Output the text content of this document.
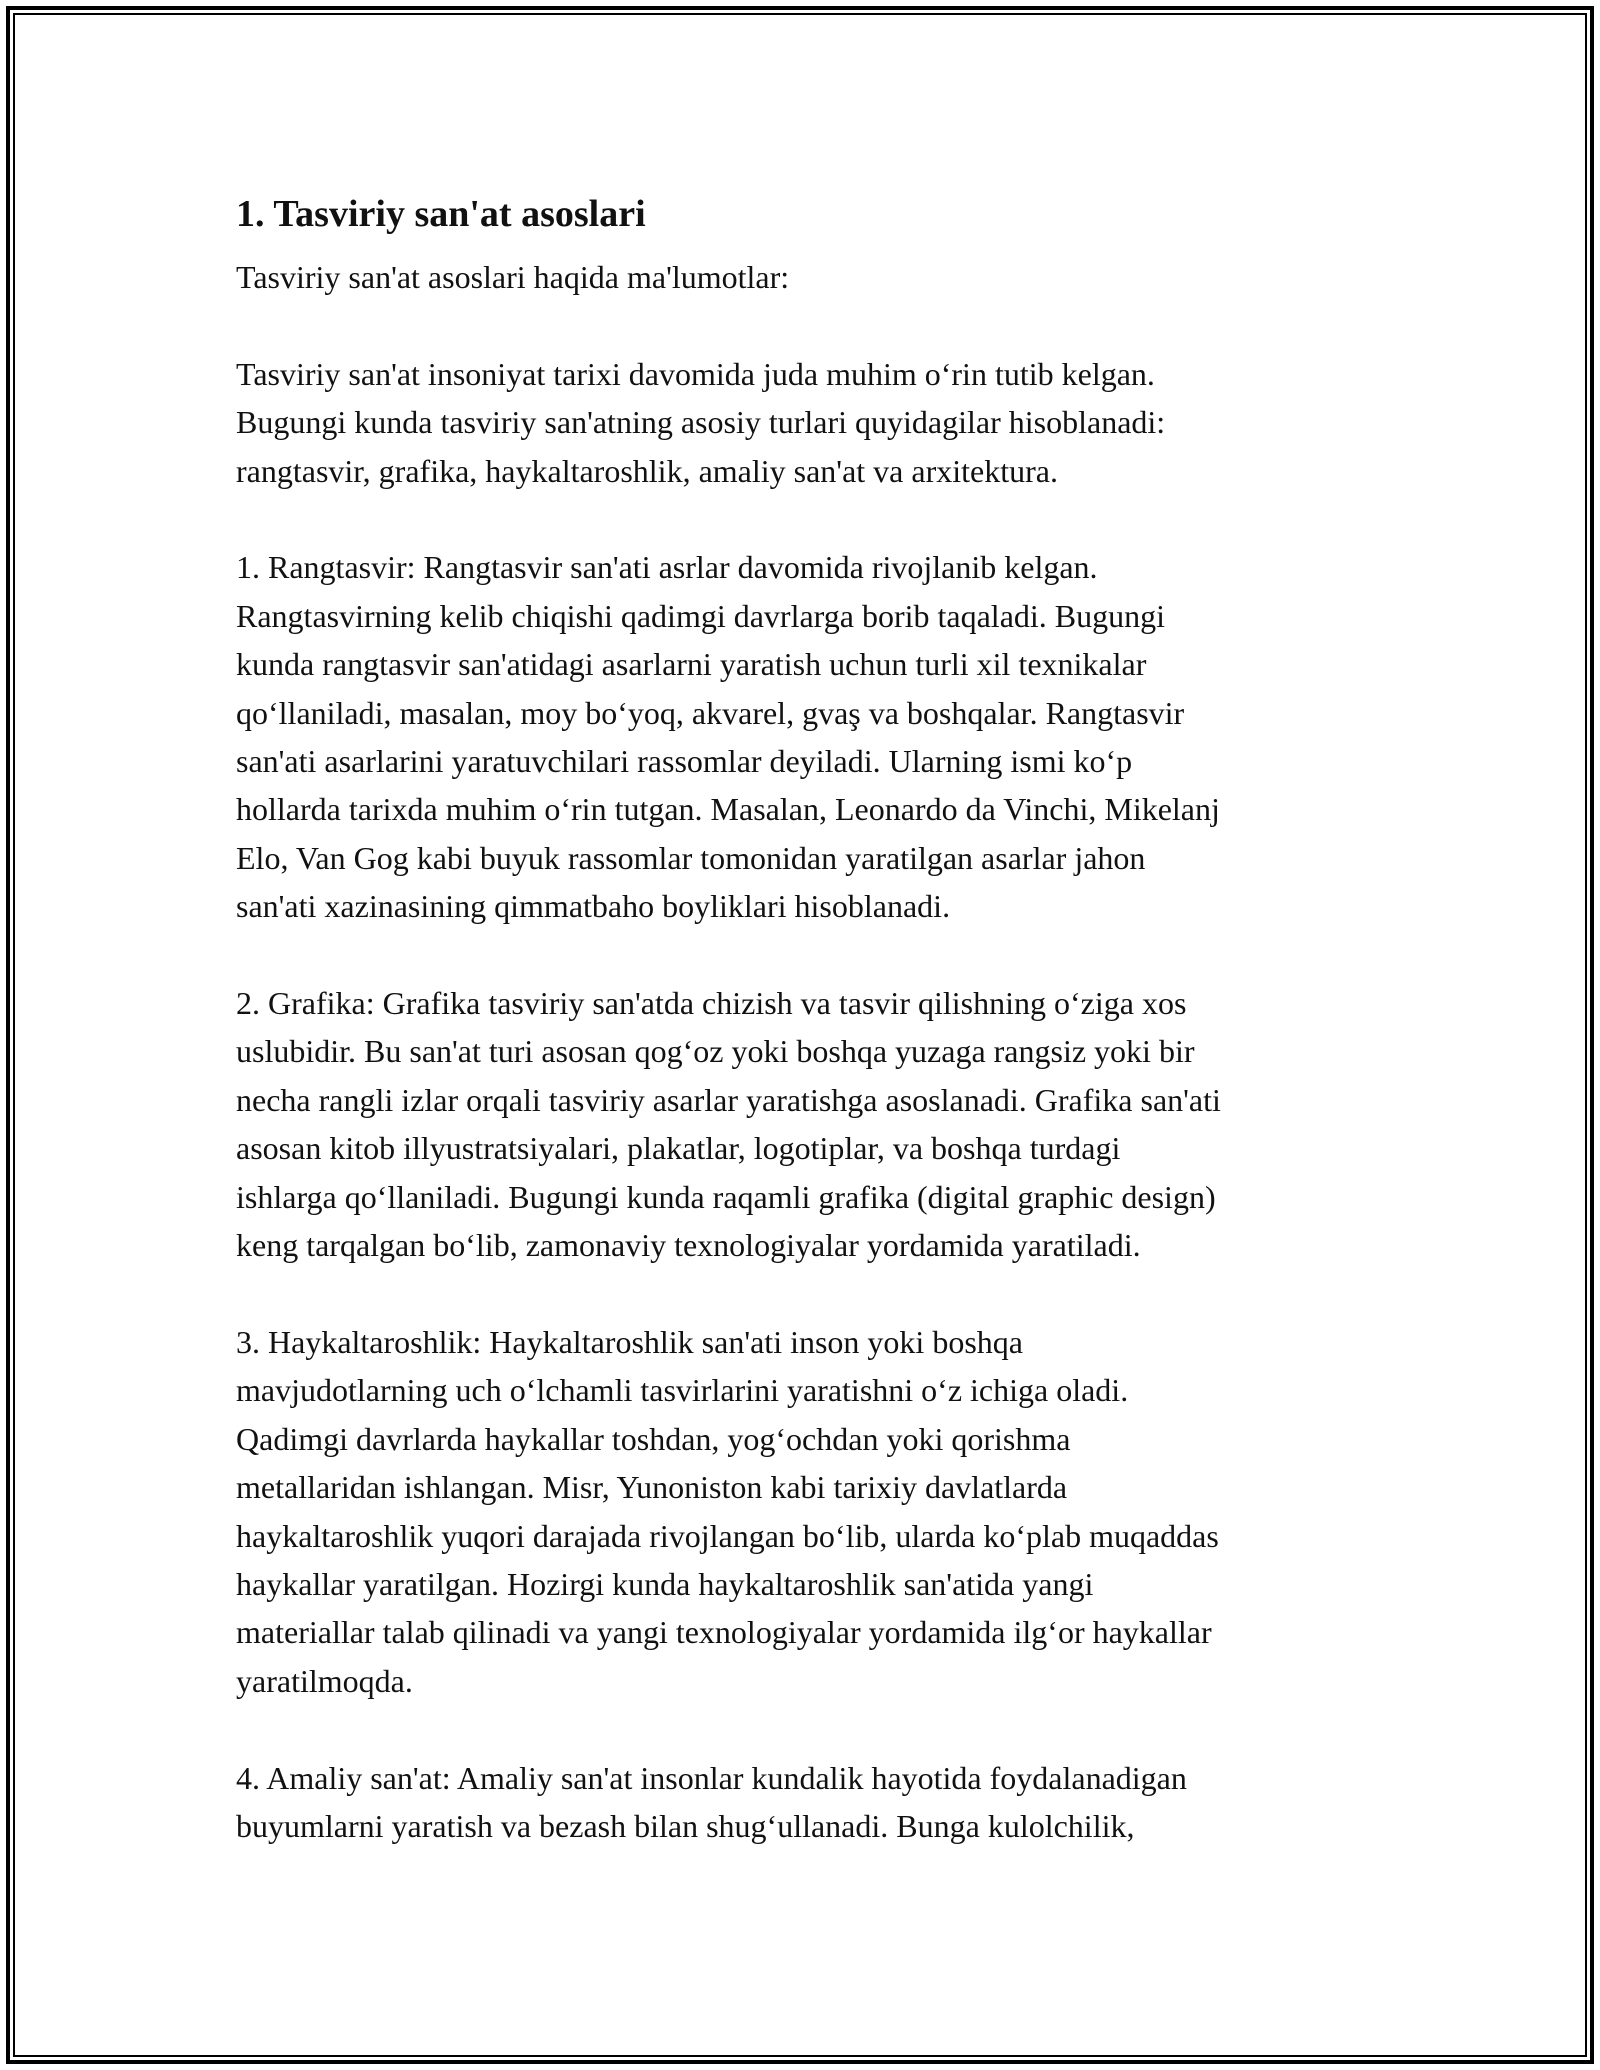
1. Tasviriy san'at asoslari

Tasviriy san'at asoslari haqida ma'lumotlar:

Tasviriy san'at insoniyat tarixi davomida juda muhim oʻrin tutib kelgan.
Bugungi kunda tasviriy san'atning asosiy turlari quyidagilar hisoblanadi:
rangtasvir, grafika, haykaltaroshlik, amaliy san'at va arxitektura.

1. Rangtasvir: Rangtasvir san'ati asrlar davomida rivojlanib kelgan.
Rangtasvirning kelib chiqishi qadimgi davrlarga borib taqaladi. Bugungi
kunda rangtasvir san'atidagi asarlarni yaratish uchun turli xil texnikalar
qoʻllaniladi, masalan, moy boʻyoq, akvarel, gvaş va boshqalar. Rangtasvir
san'ati asarlarini yaratuvchilari rassomlar deyiladi. Ularning ismi koʻp
hollarda tarixda muhim oʻrin tutgan. Masalan, Leonardo da Vinchi, Mikelanj
Elo, Van Gog kabi buyuk rassomlar tomonidan yaratilgan asarlar jahon
san'ati xazinasining qimmatbaho boyliklari hisoblanadi.

2. Grafika: Grafika tasviriy san'atda chizish va tasvir qilishning oʻziga xos
uslubidir. Bu san'at turi asosan qogʻoz yoki boshqa yuzaga rangsiz yoki bir
necha rangli izlar orqali tasviriy asarlar yaratishga asoslanadi. Grafika san'ati
asosan kitob illyustratsiyalari, plakatlar, logotiplar, va boshqa turdagi
ishlarga qoʻllaniladi. Bugungi kunda raqamli grafika (digital graphic design)
keng tarqalgan boʻlib, zamonaviy texnologiyalar yordamida yaratiladi.

3. Haykaltaroshlik: Haykaltaroshlik san'ati inson yoki boshqa
mavjudotlarning uch oʻlchamli tasvirlarini yaratishni oʻz ichiga oladi.
Qadimgi davrlarda haykallar toshdan, yogʻochdan yoki qorishma
metallaridan ishlangan. Misr, Yunoniston kabi tarixiy davlatlarda
haykaltaroshlik yuqori darajada rivojlangan boʻlib, ularda koʻplab muqaddas
haykallar yaratilgan. Hozirgi kunda haykaltaroshlik san'atida yangi
materiallar talab qilinadi va yangi texnologiyalar yordamida ilgʻor haykallar
yaratilmoqda.

4. Amaliy san'at: Amaliy san'at insonlar kundalik hayotida foydalanadigan
buyumlarni yaratish va bezash bilan shugʻullanadi. Bunga kulolchilik,
